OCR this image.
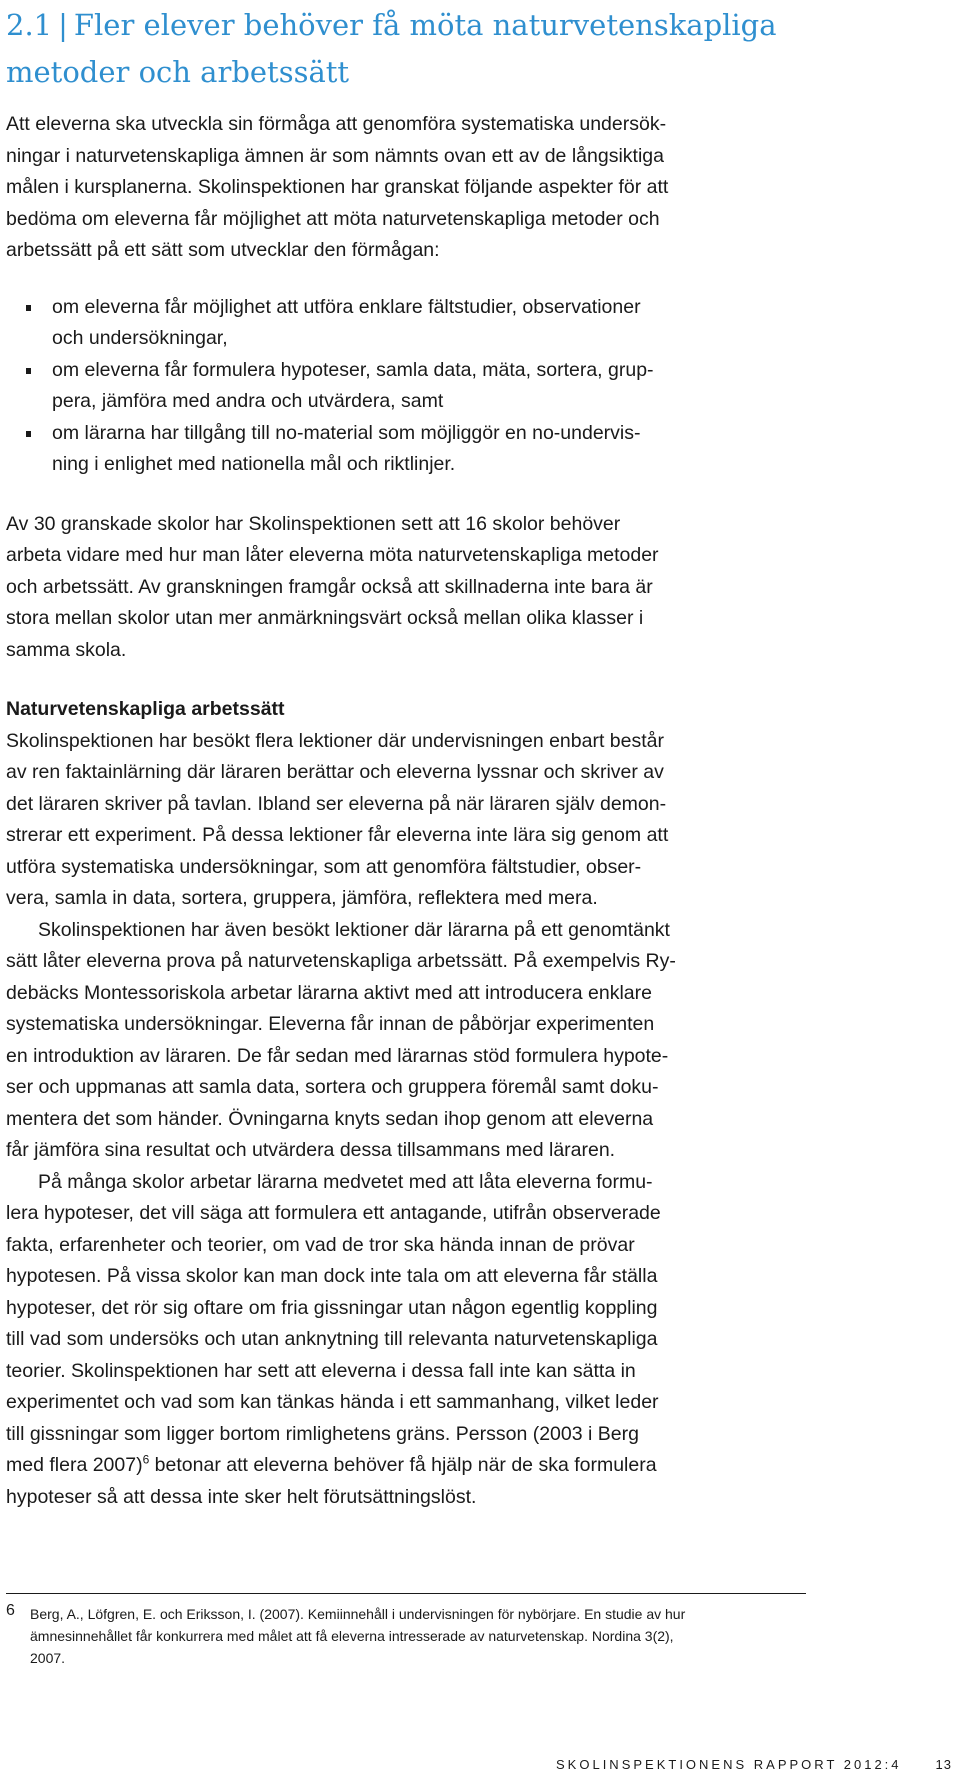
2.1 | Fler elever behöver få möta naturvetenskapliga
metoder och arbetssätt

Att eleverna ska utveckla sin förmåga att genomföra systematiska undersök-
ningar i naturvetenskapliga ämnen är som nämnts ovan ett av de långsiktiga
målen i kursplanerna. Skolinspektionen har granskat följande aspekter för att
bedöma om eleverna får möjlighet att möta naturvetenskapliga metoder och
arbetssätt på ett sätt som utvecklar den förmågan:

om eleverna får möjlighet att utföra enklare fältstudier, observationer
och undersökningar,
om eleverna får formulera hypoteser, samla data, mäta, sortera, grup-
pera, jämföra med andra och utvärdera, samt
om lärarna har tillgång till no-material som möjliggör en no-undervis-
ning i enlighet med nationella mål och riktlinjer.

Av 30 granskade skolor har Skolinspektionen sett att 16 skolor behöver
arbeta vidare med hur man låter eleverna möta naturvetenskapliga metoder
och arbetssätt. Av granskningen framgår också att skillnaderna inte bara är
stora mellan skolor utan mer anmärkningsvärt också mellan olika klasser i
samma skola.

Naturvetenskapliga arbetssätt

Skolinspektionen har besökt flera lektioner där undervisningen enbart består
av ren faktainlärning där läraren berättar och eleverna lyssnar och skriver av
det läraren skriver på tavlan. Ibland ser eleverna på när läraren själv demon-
strerar ett experiment. På dessa lektioner får eleverna inte lära sig genom att
utföra systematiska undersökningar, som att genomföra fältstudier, obser-
vera, samla in data, sortera, gruppera, jämföra, reflektera med mera.

Skolinspektionen har även besökt lektioner där lärarna på ett genomtänkt
sätt låter eleverna prova på naturvetenskapliga arbetssätt. På exempelvis Ry-
debäcks Montessoriskola arbetar lärarna aktivt med att introducera enklare
systematiska undersökningar. Eleverna får innan de påbörjar experimenten
en introduktion av läraren. De får sedan med lärarnas stöd formulera hypote-
ser och uppmanas att samla data, sortera och gruppera föremål samt doku-
mentera det som händer. Övningarna knyts sedan ihop genom att eleverna
får jämföra sina resultat och utvärdera dessa tillsammans med läraren.

På många skolor arbetar lärarna medvetet med att låta eleverna formu-
lera hypoteser, det vill säga att formulera ett antagande, utifrån observerade
fakta, erfarenheter och teorier, om vad de tror ska hända innan de prövar
hypotesen. På vissa skolor kan man dock inte tala om att eleverna får ställa
hypoteser, det rör sig oftare om fria gissningar utan någon egentlig koppling
till vad som undersöks och utan anknytning till relevanta naturvetenskapliga
teorier. Skolinspektionen har sett att eleverna i dessa fall inte kan sätta in
experimentet och vad som kan tänkas hända i ett sammanhang, vilket leder
till gissningar som ligger bortom rimlighetens gräns. Persson (2003 i Berg
med flera 2007)$^6$ betonar att eleverna behöver få hjälp när de ska formulera
hypoteser så att dessa inte sker helt förutsättningslöst.

6	Berg, A., Löfgren, E. och Eriksson, I. (2007). Kemiinnehåll i undervisningen för nybörjare. En studie av hur
ämnesinnehållet får konkurrera med målet att få eleverna intresserade av naturvetenskap. Nordina 3(2),
2007.
SKOLINSPEKTIONENS RAPPORT 2012:4	13
